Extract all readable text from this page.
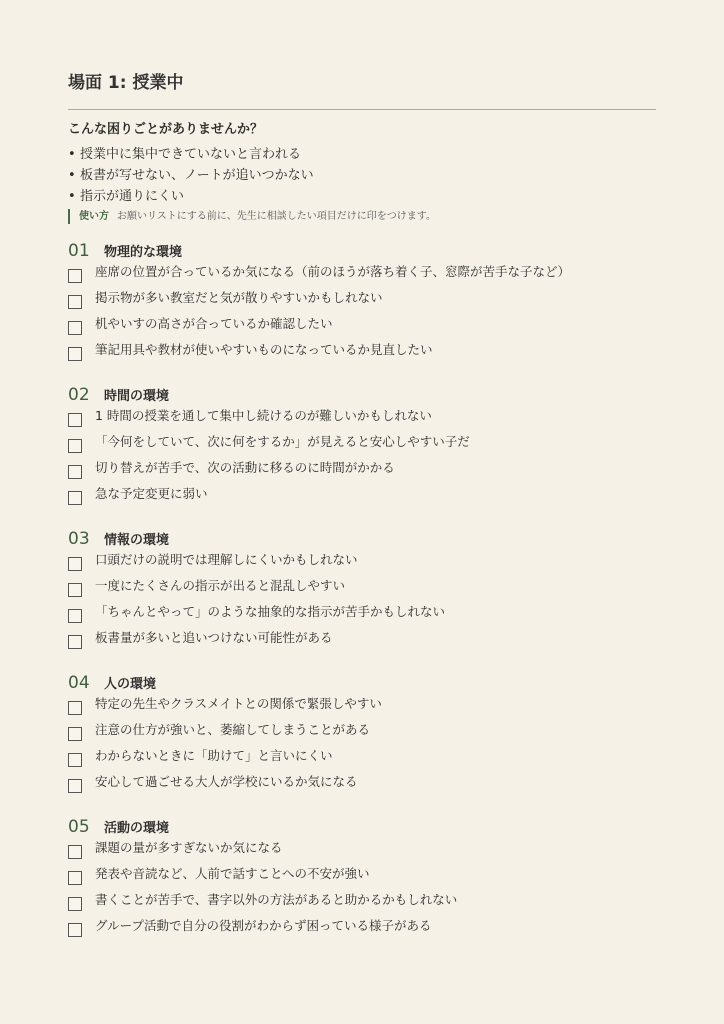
場面 1: 授業中
こんな困りごとがありませんか？
• 授業中に集中できていないと言われる
• 板書が写せない、ノートが追いつかない
• 指示が通りにくい
使い方 お願いリストにする前に、先生に相談したい項目だけに印をつけます。
01	物理的な環境
座席の位置が合っているか気になる（前のほうが落ち着く子、窓際が苦手な子など）
掲示物が多い教室だと気が散りやすいかもしれない
机やいすの高さが合っているか確認したい
筆記用具や教材が使いやすいものになっているか見直したい
02	時間の環境
1 時間の授業を通して集中し続けるのが難しいかもしれない
「今何をしていて、次に何をするか」が見えると安心しやすい子だ
切り替えが苦手で、次の活動に移るのに時間がかかる
急な予定変更に弱い
03	情報の環境
口頭だけの説明では理解しにくいかもしれない
一度にたくさんの指示が出ると混乱しやすい
「ちゃんとやって」のような抽象的な指示が苦手かもしれない
板書量が多いと追いつけない可能性がある
04	人の環境
特定の先生やクラスメイトとの関係で緊張しやすい
注意の仕方が強いと、萎縮してしまうことがある
わからないときに「助けて」と言いにくい
安心して過ごせる大人が学校にいるか気になる
05	活動の環境
課題の量が多すぎないか気になる
発表や音読など、人前で話すことへの不安が強い
書くことが苦手で、書字以外の方法があると助かるかもしれない
グループ活動で自分の役割がわからず困っている様子がある
